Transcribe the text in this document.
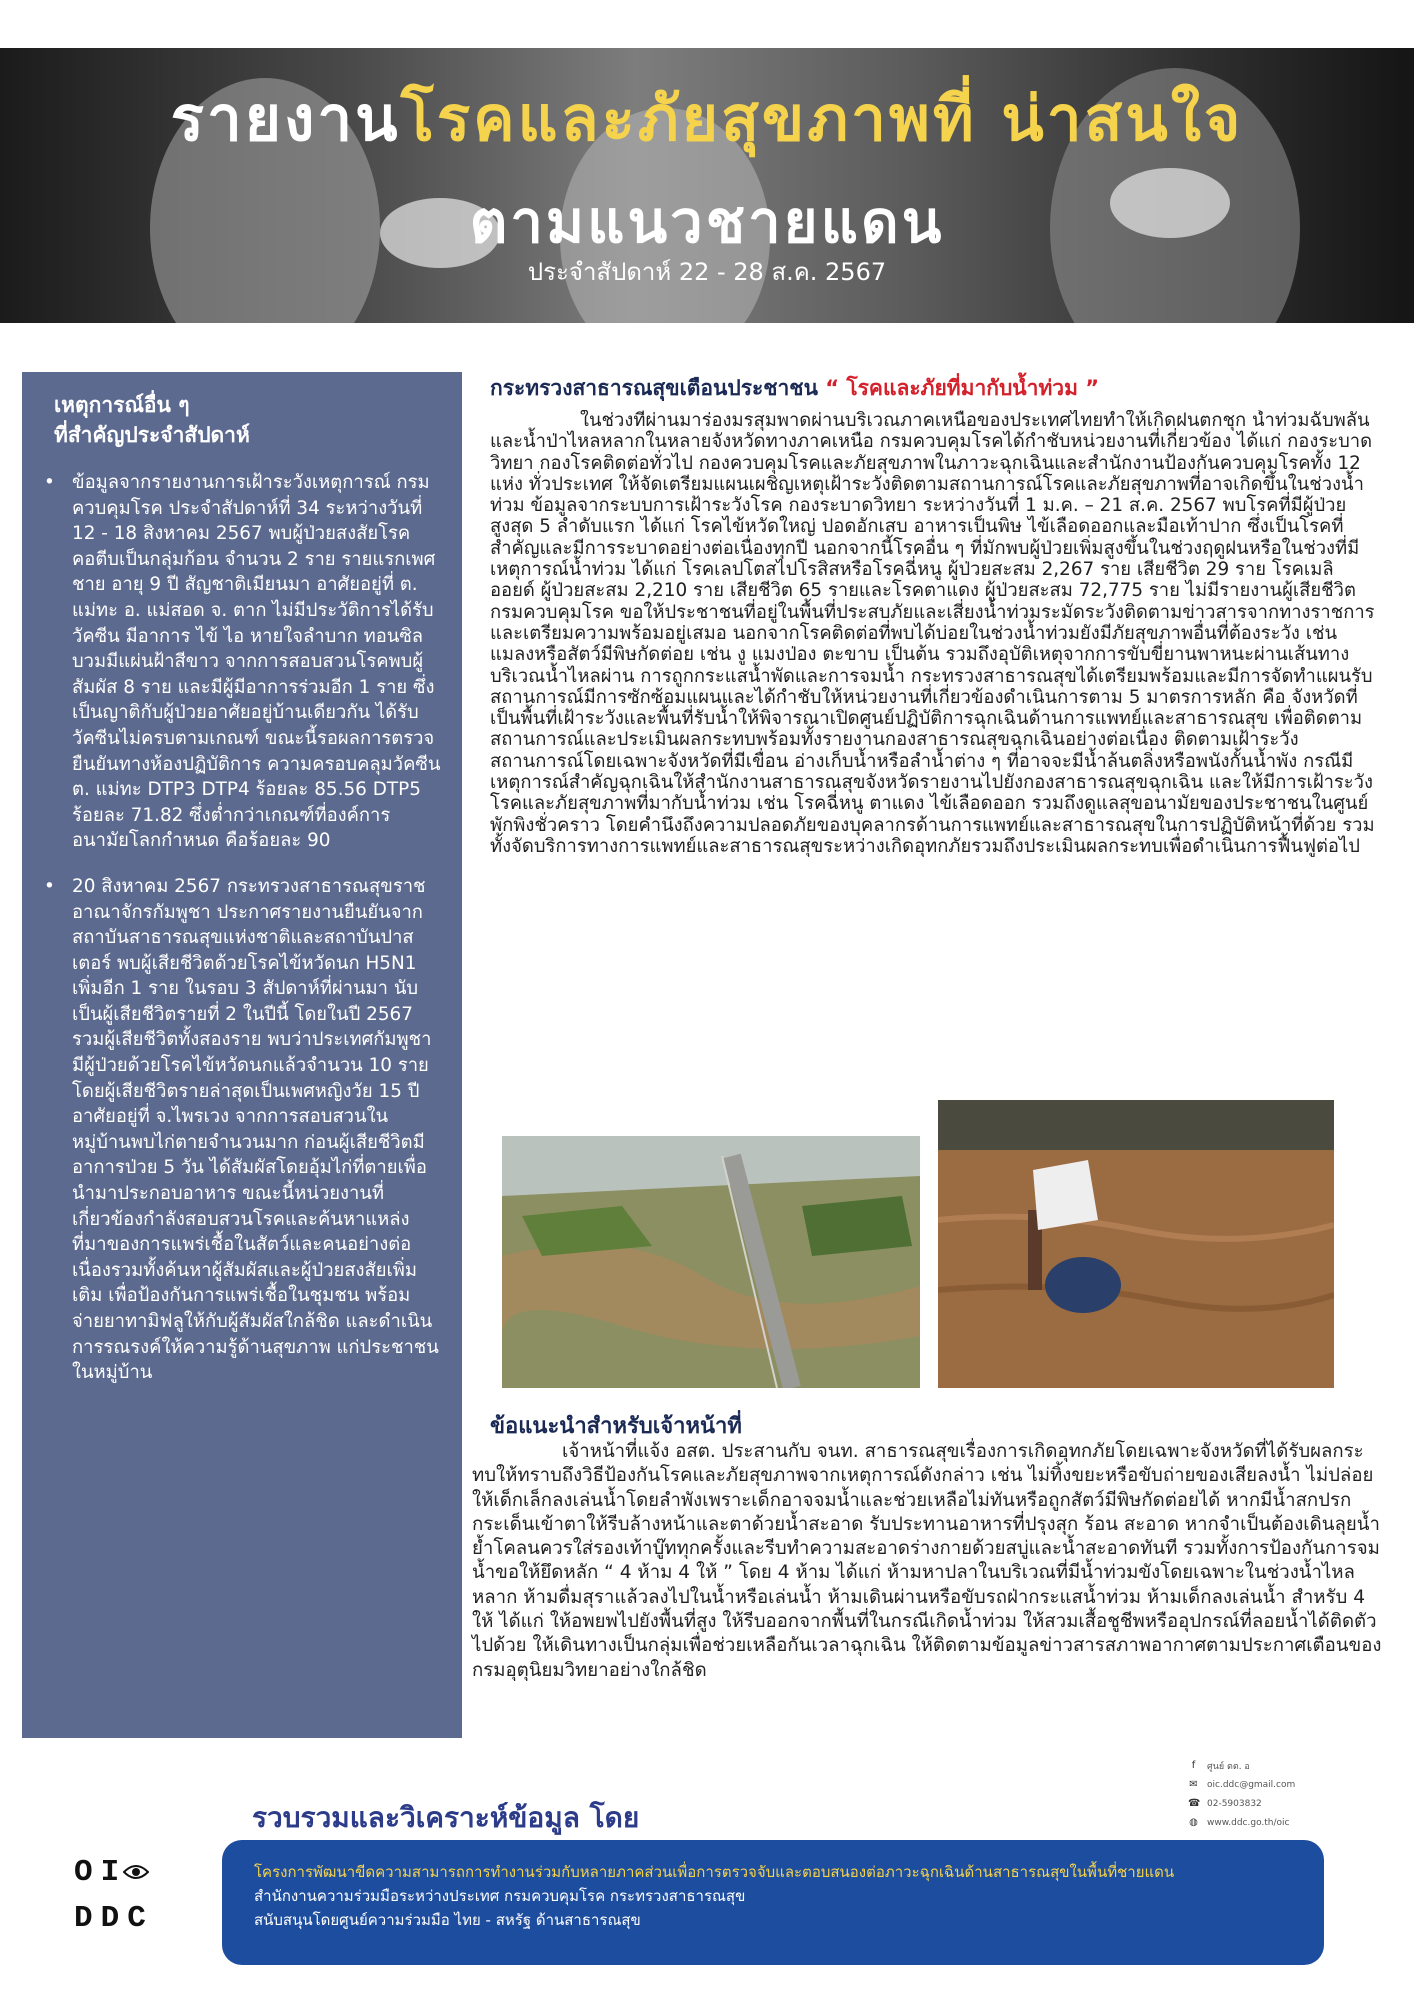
รายงานโรคและภัยสุขภาพที่ น่าสนใจ
ตามแนวชายแดน
ประจำสัปดาห์ 22 - 28 ส.ค. 2567
เหตุการณ์อื่น ๆ
ที่สำคัญประจำสัปดาห์
• ข้อมูลจากรายงานการเฝ้าระวังเหตุการณ์ กรมควบคุมโรค ประจำสัปดาห์ที่ 34 ระหว่างวันที่ 12 - 18 สิงหาคม 2567 พบผู้ป่วยสงสัยโรคคอตีบเป็นกลุ่มก้อน จำนวน 2 ราย รายแรกเพศชาย อายุ 9 ปี สัญชาติเมียนมา อาศัยอยู่ที่ ต. แม่ทะ อ. แม่สอด จ. ตาก ไม่มีประวัติการได้รับวัคซีน มีอาการ ไข้ ไอ หายใจลำบาก ทอนซิลบวมมีแผ่นฝ้าสีขาว จากการสอบสวนโรคพบผู้สัมผัส 8 ราย และมีผู้มีอาการร่วมอีก 1 ราย ซึ่งเป็นญาติกับผู้ป่วยอาศัยอยู่บ้านเดียวกัน ได้รับวัคซีนไม่ครบตามเกณฑ์ ขณะนี้รอผลการตรวจยืนยันทางห้องปฏิบัติการ ความครอบคลุมวัคซีน ต. แม่ทะ DTP3 DTP4 ร้อยละ 85.56 DTP5 ร้อยละ 71.82 ซึ่งต่ำกว่าเกณฑ์ที่องค์การอนามัยโลกกำหนด คือร้อยละ 90
• 20 สิงหาคม 2567 กระทรวงสาธารณสุขราชอาณาจักรกัมพูชา ประกาศรายงานยืนยันจากสถาบันสาธารณสุขแห่งชาติและสถาบันปาสเตอร์ พบผู้เสียชีวิตด้วยโรคไข้หวัดนก H5N1 เพิ่มอีก 1 ราย ในรอบ 3 สัปดาห์ที่ผ่านมา นับเป็นผู้เสียชีวิตรายที่ 2 ในปีนี้ โดยในปี 2567 รวมผู้เสียชีวิตทั้งสองราย พบว่าประเทศกัมพูชามีผู้ป่วยด้วยโรคไข้หวัดนกแล้วจำนวน 10 ราย โดยผู้เสียชีวิตรายล่าสุดเป็นเพศหญิงวัย 15 ปี อาศัยอยู่ที่ จ.ไพรเวง จากการสอบสวนในหมู่บ้านพบไก่ตายจำนวนมาก ก่อนผู้เสียชีวิตมีอาการป่วย 5 วัน ได้สัมผัสโดยอุ้มไก่ที่ตายเพื่อนำมาประกอบอาหาร ขณะนี้หน่วยงานที่เกี่ยวข้องกำลังสอบสวนโรคและค้นหาแหล่งที่มาของการแพร่เชื้อในสัตว์และคนอย่างต่อเนื่องรวมทั้งค้นหาผู้สัมผัสและผู้ป่วยสงสัยเพิ่มเติม เพื่อป้องกันการแพร่เชื้อในชุมชน พร้อมจ่ายยาทามิฟลูให้กับผู้สัมผัสใกล้ชิด และดำเนินการรณรงค์ให้ความรู้ด้านสุขภาพ แก่ประชาชนในหมู่บ้าน
กระทรวงสาธารณสุขเตือนประชาชน “ โรคและภัยที่มากับน้ำท่วม ”

ในช่วงที่ผ่านมาร่องมรสุมพาดผ่านบริเวณภาคเหนือของประเทศไทยทำให้เกิดฝนตกชุก น้ำท่วมฉับพลันและน้ำป่าไหลหลากในหลายจังหวัดทางภาคเหนือ กรมควบคุมโรคได้กำชับหน่วยงานที่เกี่ยวข้อง ได้แก่ กองระบาดวิทยา กองโรคติดต่อทั่วไป กองควบคุมโรคและภัยสุขภาพในภาวะฉุกเฉินและสำนักงานป้องกันควบคุมโรคทั้ง 12 แห่ง ทั่วประเทศ ให้จัดเตรียมแผนเผชิญเหตุเฝ้าระวังติดตามสถานการณ์โรคและภัยสุขภาพที่อาจเกิดขึ้นในช่วงน้ำท่วม ข้อมูลจากระบบการเฝ้าระวังโรค กองระบาดวิทยา ระหว่างวันที่ 1 ม.ค. – 21 ส.ค. 2567 พบโรคที่มีผู้ป่วยสูงสุด 5 ลำดับแรก ได้แก่ โรคไข้หวัดใหญ่ ปอดอักเสบ อาหารเป็นพิษ ไข้เลือดออกและมือเท้าปาก ซึ่งเป็นโรคที่สำคัญและมีการระบาดอย่างต่อเนื่องทุกปี นอกจากนี้โรคอื่น ๆ ที่มักพบผู้ป่วยเพิ่มสูงขึ้นในช่วงฤดูฝนหรือในช่วงที่มีเหตุการณ์น้ำท่วม ได้แก่ โรคเลปโตสไปโรสิสหรือโรคฉี่หนู ผู้ป่วยสะสม 2,267 ราย เสียชีวิต 29 ราย โรคเมลิออยด์ ผู้ป่วยสะสม 2,210 ราย เสียชีวิต 65 รายและโรคตาแดง ผู้ป่วยสะสม 72,775 ราย ไม่มีรายงานผู้เสียชีวิต กรมควบคุมโรค ขอให้ประชาชนที่อยู่ในพื้นที่ประสบภัยและเสี่ยงน้ำท่วมระมัดระวังติดตามข่าวสารจากทางราชการและเตรียมความพร้อมอยู่เสมอ นอกจากโรคติดต่อที่พบได้บ่อยในช่วงน้ำท่วมยังมีภัยสุขภาพอื่นที่ต้องระวัง เช่น แมลงหรือสัตว์มีพิษกัดต่อย เช่น งู แมงป่อง ตะขาบ เป็นต้น รวมถึงอุบัติเหตุจากการขับขี่ยานพาหนะผ่านเส้นทางบริเวณน้ำไหลผ่าน การถูกกระแสน้ำพัดและการจมน้ำ กระทรวงสาธารณสุขได้เตรียมพร้อมและมีการจัดทำแผนรับสถานการณ์มีการซักซ้อมแผนและได้กำชับให้หน่วยงานที่เกี่ยวข้องดำเนินการตาม 5 มาตรการหลัก คือ จังหวัดที่เป็นพื้นที่เฝ้าระวังและพื้นที่รับน้ำให้พิจารณาเปิดศูนย์ปฏิบัติการฉุกเฉินด้านการแพทย์และสาธารณสุข เพื่อติดตามสถานการณ์และประเมินผลกระทบพร้อมทั้งรายงานกองสาธารณสุขฉุกเฉินอย่างต่อเนื่อง ติดตามเฝ้าระวังสถานการณ์โดยเฉพาะจังหวัดที่มีเขื่อน อ่างเก็บน้ำหรือลำน้ำต่าง ๆ ที่อาจจะมีน้ำล้นตลิ่งหรือพนังกั้นน้ำพัง กรณีมีเหตุการณ์สำคัญฉุกเฉินให้สำนักงานสาธารณสุขจังหวัดรายงานไปยังกองสาธารณสุขฉุกเฉิน และให้มีการเฝ้าระวังโรคและภัยสุขภาพที่มากับน้ำท่วม เช่น โรคฉี่หนู ตาแดง ไข้เลือดออก รวมถึงดูแลสุขอนามัยของประชาชนในศูนย์พักพิงชั่วคราว โดยคำนึงถึงความปลอดภัยของบุคลากรด้านการแพทย์และสาธารณสุขในการปฏิบัติหน้าที่ด้วย รวมทั้งจัดบริการทางการแพทย์และสาธารณสุขระหว่างเกิดอุทกภัยรวมถึงประเมินผลกระทบเพื่อดำเนินการฟื้นฟูต่อไป

ข้อแนะนำสำหรับเจ้าหน้าที่

เจ้าหน้าที่แจ้ง อสต. ประสานกับ จนท. สาธารณสุขเรื่องการเกิดอุทกภัยโดยเฉพาะจังหวัดที่ได้รับผลกระทบให้ทราบถึงวิธีป้องกันโรคและภัยสุขภาพจากเหตุการณ์ดังกล่าว เช่น ไม่ทิ้งขยะหรือขับถ่ายของเสียลงน้ำ ไม่ปล่อยให้เด็กเล็กลงเล่นน้ำโดยลำพังเพราะเด็กอาจจมน้ำและช่วยเหลือไม่ทันหรือถูกสัตว์มีพิษกัดต่อยได้ หากมีน้ำสกปรกกระเด็นเข้าตาให้รีบล้างหน้าและตาด้วยน้ำสะอาด รับประทานอาหารที่ปรุงสุก ร้อน สะอาด หากจำเป็นต้องเดินลุยน้ำย้ำโคลนควรใส่รองเท้าบู๊ททุกครั้งและรีบทำความสะอาดร่างกายด้วยสบู่และน้ำสะอาดทันที รวมทั้งการป้องกันการจมน้ำขอให้ยึดหลัก “ 4 ห้าม 4 ให้ ” โดย 4 ห้าม ได้แก่ ห้ามหาปลาในบริเวณที่มีน้ำท่วมขังโดยเฉพาะในช่วงน้ำไหลหลาก ห้ามดื่มสุราแล้วลงไปในน้ำหรือเล่นน้ำ ห้ามเดินผ่านหรือขับรถฝ่ากระแสน้ำท่วม ห้ามเด็กลงเล่นน้ำ สำหรับ 4 ให้ ได้แก่ ให้อพยพไปยังพื้นที่สูง ให้รีบออกจากพื้นที่ในกรณีเกิดน้ำท่วม ให้สวมเสื้อชูชีพหรืออุปกรณ์ที่ลอยน้ำได้ติดตัวไปด้วย ให้เดินทางเป็นกลุ่มเพื่อช่วยเหลือกันเวลาฉุกเฉิน ให้ติดตามข้อมูลข่าวสารสภาพอากาศตามประกาศเตือนของกรมอุตุนิยมวิทยาอย่างใกล้ชิด

f	ศูนย์ ตต. อ
✉ oic.ddc@gmail.com
☎ 02-5903832
◍ www.ddc.go.th/oic
รวบรวมและวิเคราะห์ข้อมูล โดย
OI
DDC
โครงการพัฒนาขีดความสามารถการทำงานร่วมกับหลายภาคส่วนเพื่อการตรวจจับและตอบสนองต่อภาวะฉุกเฉินด้านสาธารณสุขในพื้นที่ชายแดน
สำนักงานความร่วมมือระหว่างประเทศ กรมควบคุมโรค กระทรวงสาธารณสุข
สนับสนุนโดยศูนย์ความร่วมมือ ไทย - สหรัฐ ด้านสาธารณสุข
